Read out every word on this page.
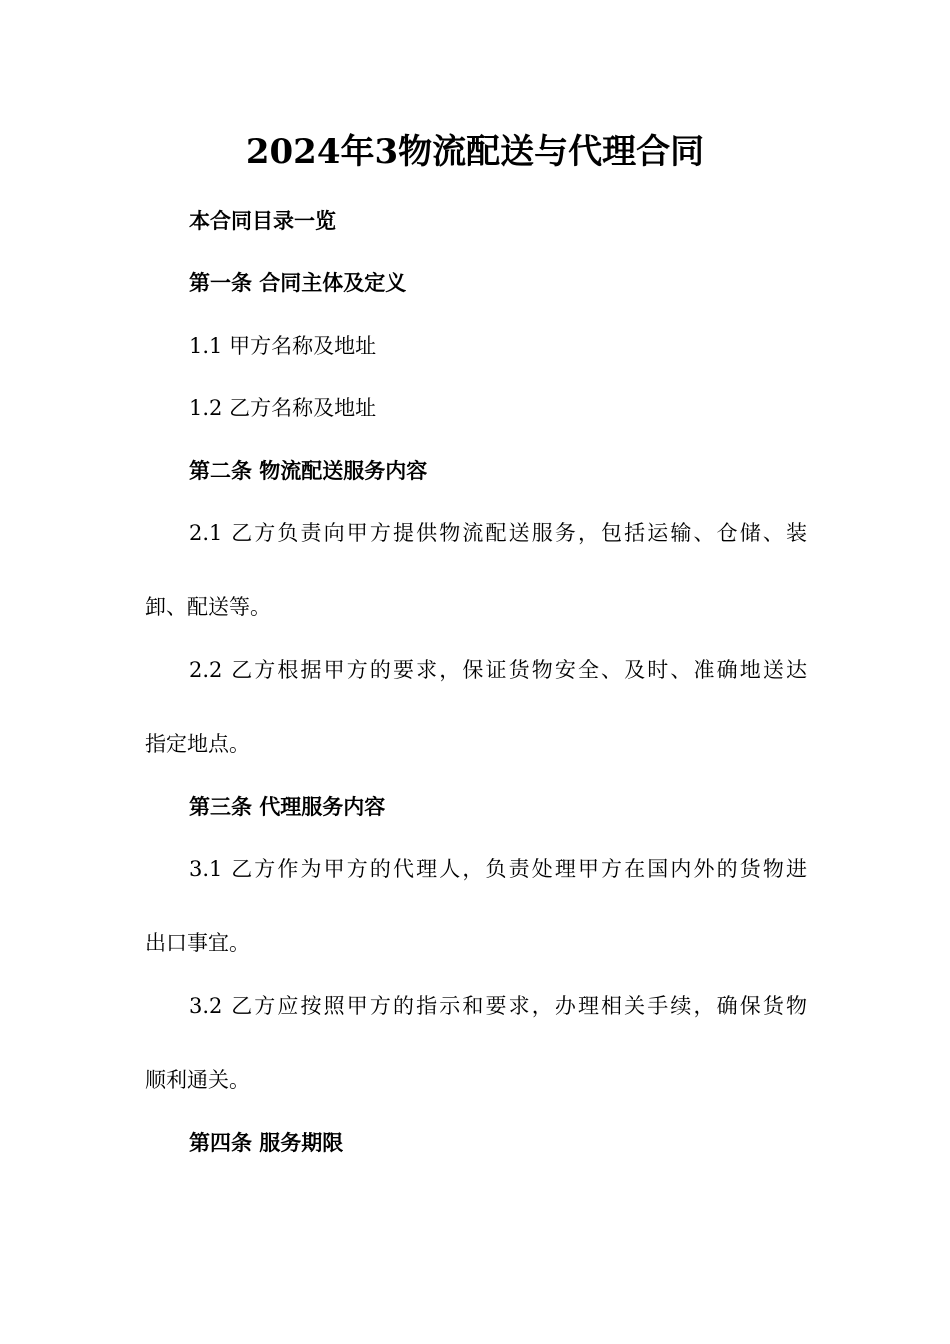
2024年3物流配送与代理合同
本合同目录一览
第一条 合同主体及定义
1.1 甲方名称及地址
1.2 乙方名称及地址
第二条 物流配送服务内容
2.1 乙方负责向甲方提供物流配送服务，包括运输、仓储、装
卸、配送等。
2.2 乙方根据甲方的要求，保证货物安全、及时、准确地送达
指定地点。
第三条 代理服务内容
3.1 乙方作为甲方的代理人，负责处理甲方在国内外的货物进
出口事宜。
3.2 乙方应按照甲方的指示和要求，办理相关手续，确保货物
顺利通关。
第四条 服务期限
